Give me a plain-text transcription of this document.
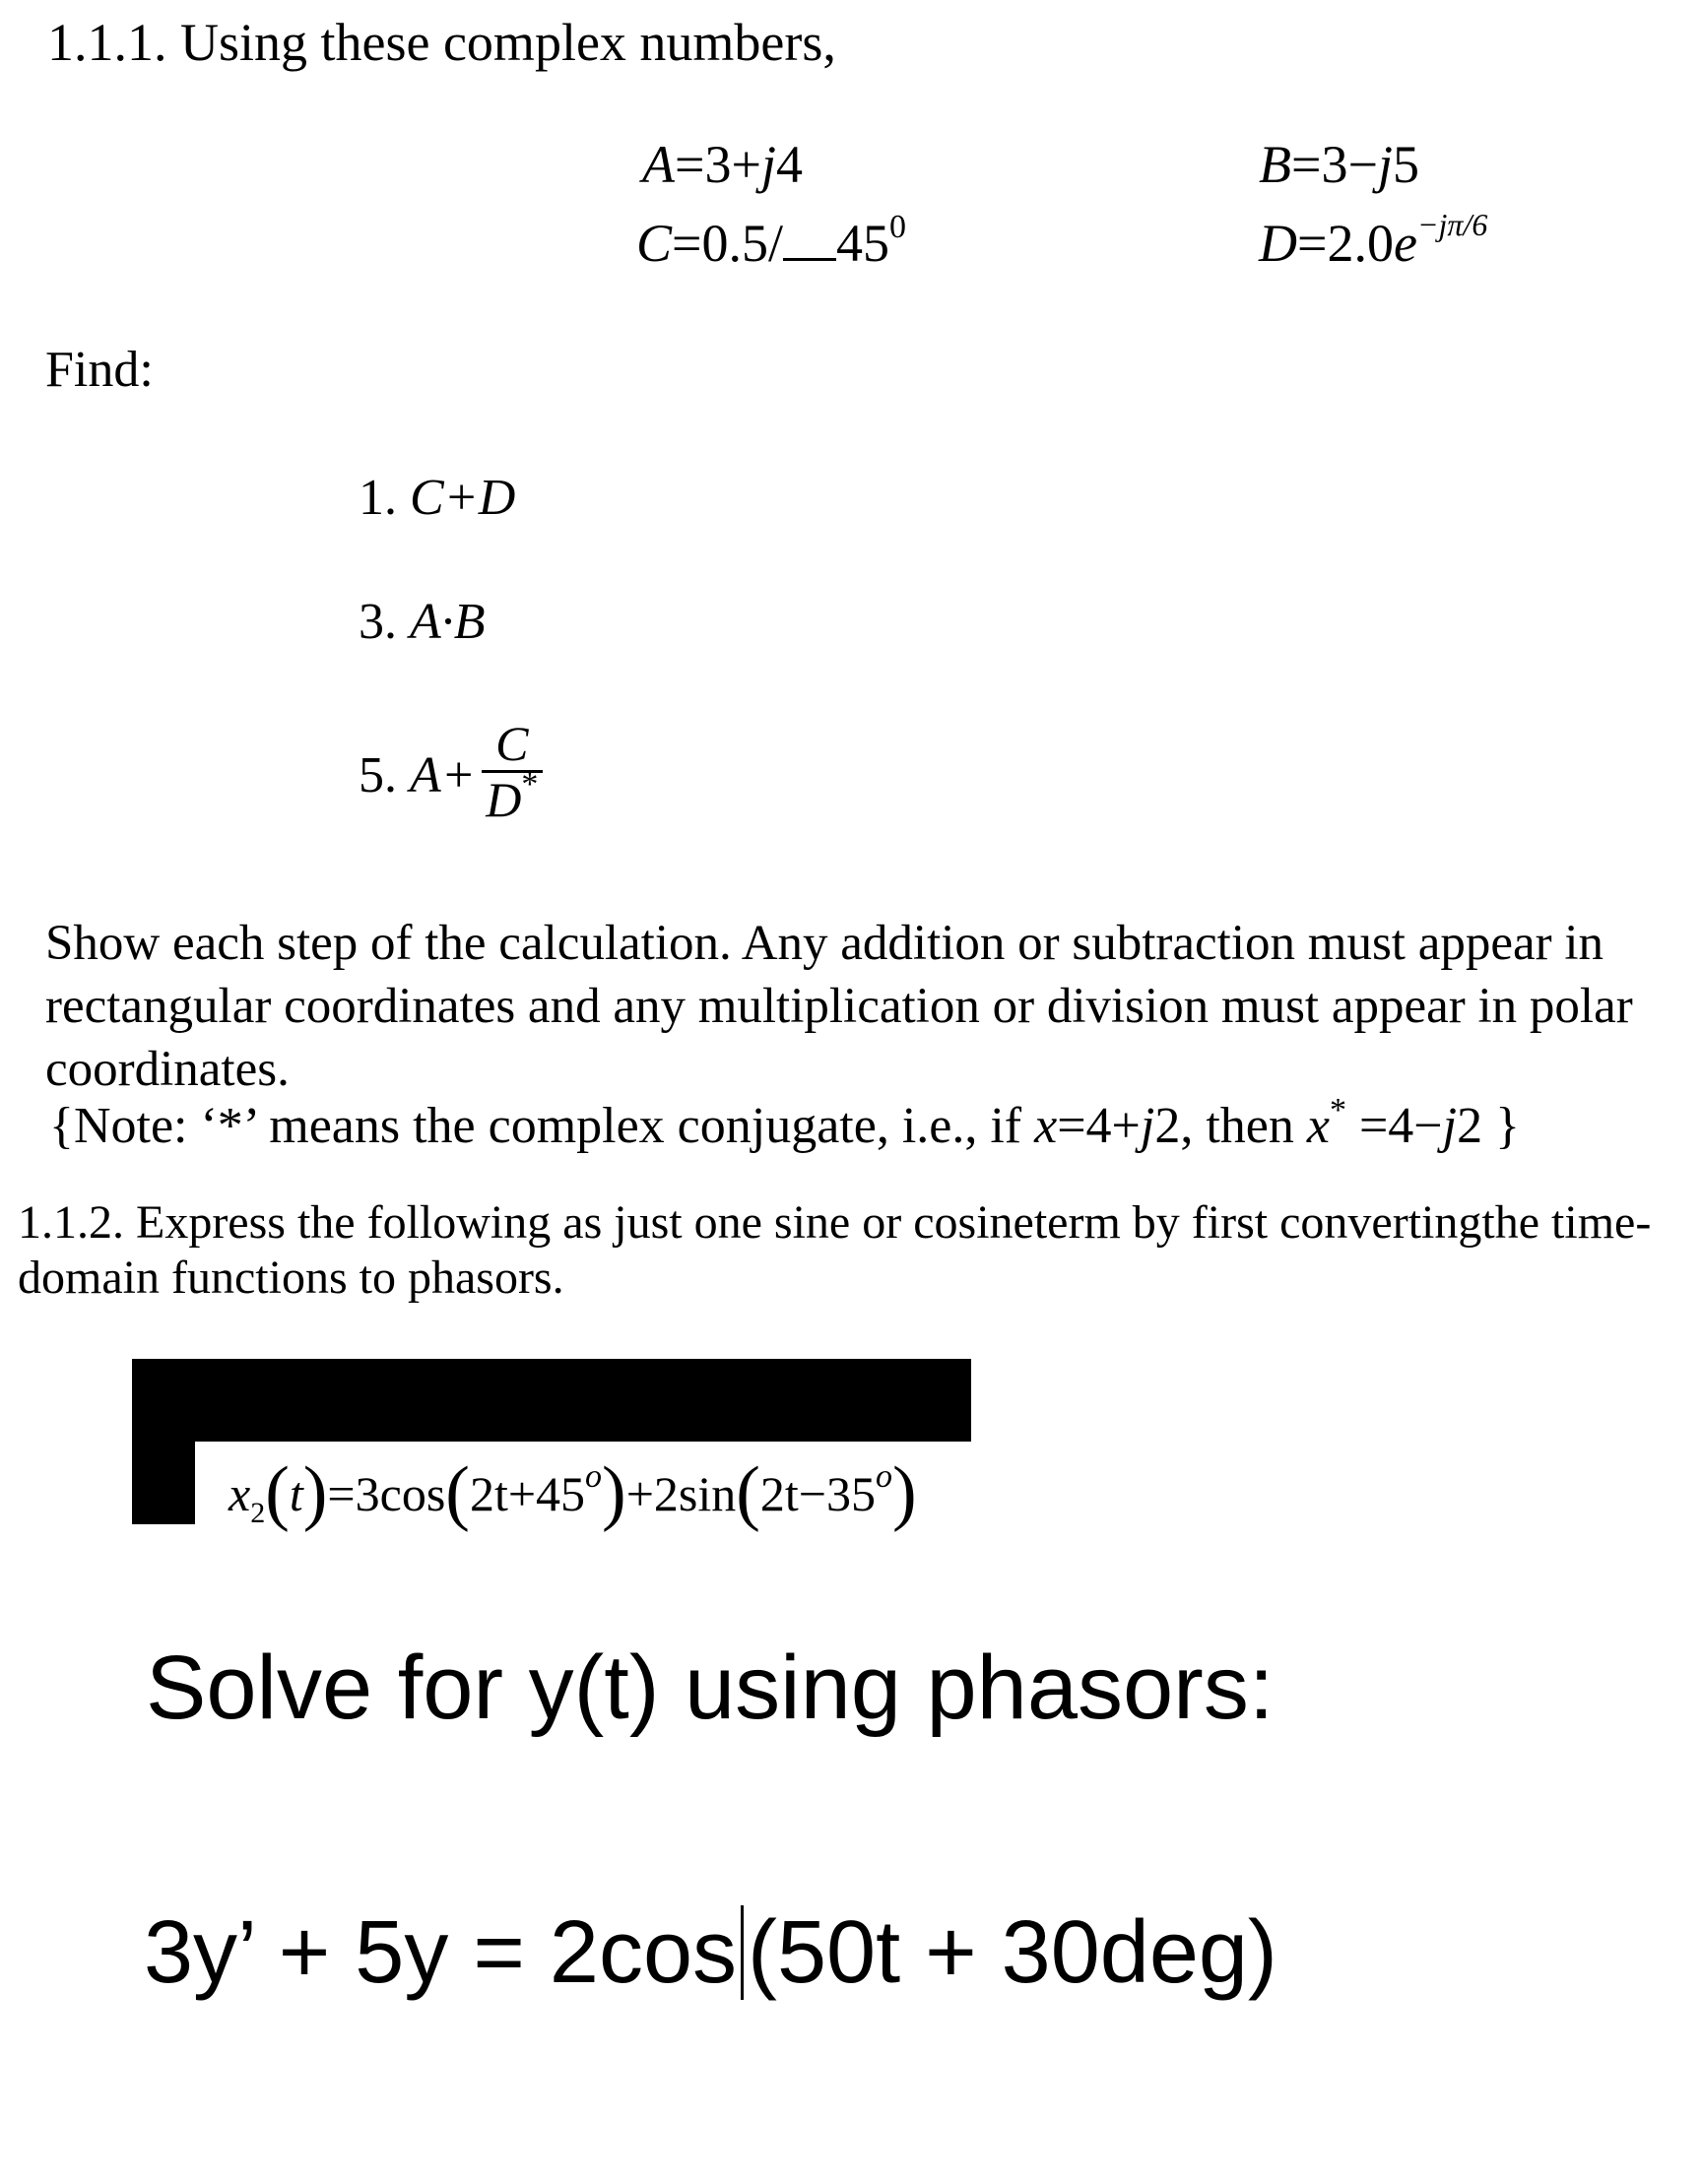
1.1.1. Using these complex numbers,
A=3+j4	B=3−j5
C=0.5/ $45^0$	$D=2.0e^{-j\pi/6}$
Find:
1. C+D
3. A·B
5.
$A+ \frac{C}{D^*}$
Show each step of the calculation. Any addition or subtraction must appear in rectangular coordinates and any multiplication or division must appear in polar coordinates.
{Note: ‘*’ means the complex conjugate, i.e., if x=4+j2, then x* =4−j2 }
1.1.2. Express the following as just one sine or cosineterm by first convertingthe time-domain functions to phasors.
$x_2(t)=3\cos(2t+45^o)+2\sin(2t-35^o)$
Solve for y(t) using phasors:
3y’ + 5y = 2cos (50t + 30deg)
